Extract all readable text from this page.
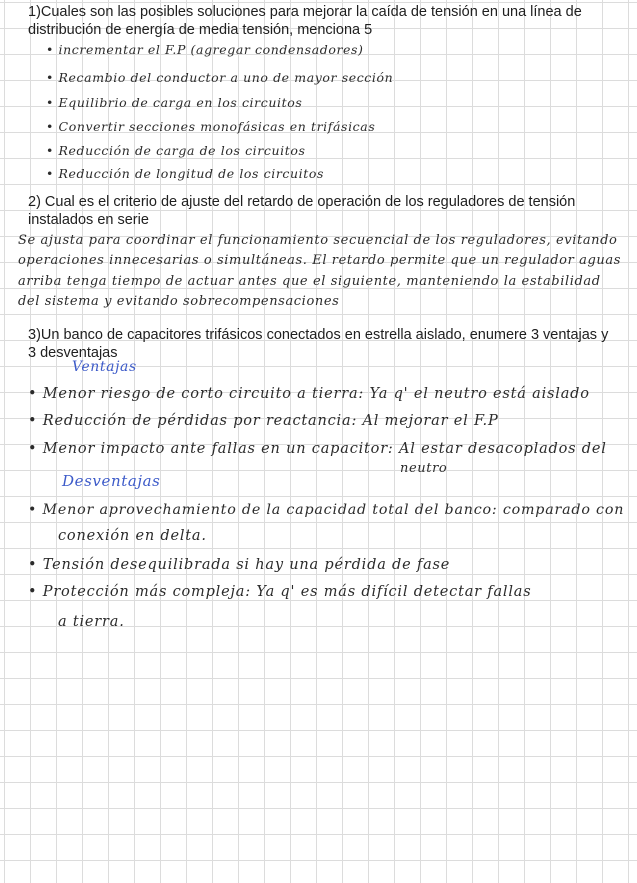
1)Cuales son las posibles soluciones para mejorar la caída de tensión en una línea de
distribución de energía de media tensión, menciona 5
• incrementar el F.P (agregar condensadores)
• Recambio del conductor a uno de mayor sección
• Equilibrio de carga en los circuitos
• Convertir secciones monofásicas en trifásicas
• Reducción de carga de los circuitos
• Reducción de longitud de los circuitos
2) Cual es el criterio de ajuste del retardo de operación de los reguladores de tensión
instalados en serie
Se ajusta para coordinar el funcionamiento secuencial de los reguladores, evitando
operaciones innecesarias o simultáneas. El retardo permite que un regulador aguas
arriba tenga tiempo de actuar antes que el siguiente, manteniendo la estabilidad
del sistema y evitando sobrecompensaciones
3)Un banco de capacitores trifásicos conectados en estrella aislado, enumere 3 ventajas y
3 desventajas
Ventajas
• Menor riesgo de corto circuito a tierra: Ya q' el neutro está aislado
• Reducción de pérdidas por reactancia: Al mejorar el F.P
• Menor impacto ante fallas en un capacitor: Al estar desacoplados del
neutro
Desventajas
• Menor aprovechamiento de la capacidad total del banco: comparado con
conexión en delta.
• Tensión desequilibrada si hay una pérdida de fase
• Protección más compleja: Ya q' es más difícil detectar fallas
a tierra.
